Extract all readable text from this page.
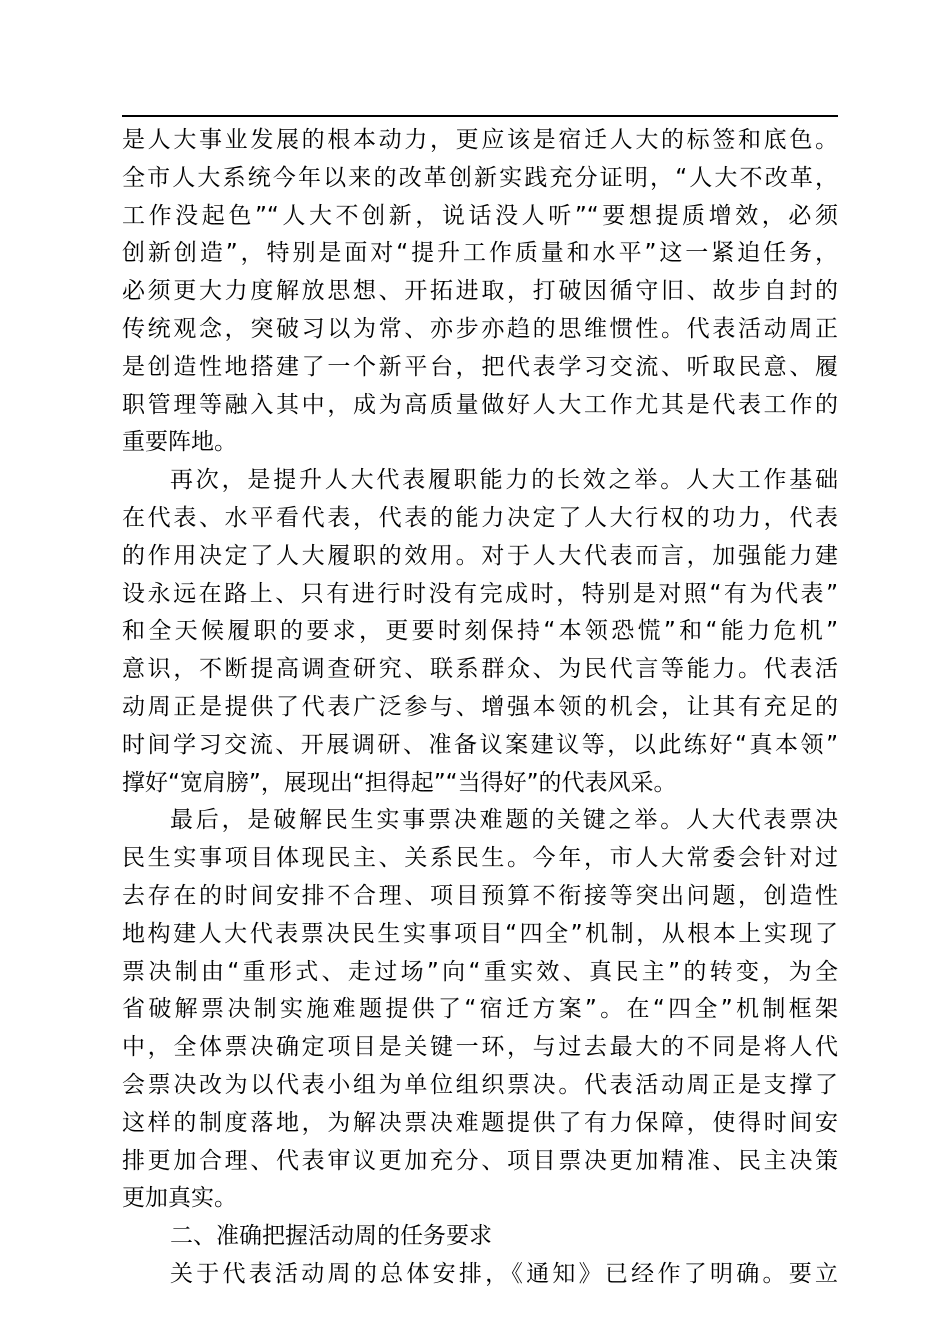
是人大事业发展的根本动力，更应该是宿迁人大的标签和底色。
全市人大系统今年以来的改革创新实践充分证明，“人大不改革，
工作没起色”“人大不创新，说话没人听”“要想提质增效，必须
创新创造”，特别是面对“提升工作质量和水平”这一紧迫任务，
必须更大力度解放思想、开拓进取，打破因循守旧、故步自封的
传统观念，突破习以为常、亦步亦趋的思维惯性。代表活动周正
是创造性地搭建了一个新平台，把代表学习交流、听取民意、履
职管理等融入其中，成为高质量做好人大工作尤其是代表工作的
重要阵地。
再次，是提升人大代表履职能力的长效之举。人大工作基础
在代表、水平看代表，代表的能力决定了人大行权的功力，代表
的作用决定了人大履职的效用。对于人大代表而言，加强能力建
设永远在路上、只有进行时没有完成时，特别是对照“有为代表”
和全天候履职的要求，更要时刻保持“本领恐慌”和“能力危机”
意识，不断提高调查研究、联系群众、为民代言等能力。代表活
动周正是提供了代表广泛参与、增强本领的机会，让其有充足的
时间学习交流、开展调研、准备议案建议等，以此练好“真本领”
撑好“宽肩膀”，展现出“担得起”“当得好”的代表风采。
最后，是破解民生实事票决难题的关键之举。人大代表票决
民生实事项目体现民主、关系民生。今年，市人大常委会针对过
去存在的时间安排不合理、项目预算不衔接等突出问题，创造性
地构建人大代表票决民生实事项目“四全”机制，从根本上实现了
票决制由“重形式、走过场”向“重实效、真民主”的转变，为全
省破解票决制实施难题提供了“宿迁方案”。在“四全”机制框架
中，全体票决确定项目是关键一环，与过去最大的不同是将人代
会票决改为以代表小组为单位组织票决。代表活动周正是支撑了
这样的制度落地，为解决票决难题提供了有力保障，使得时间安
排更加合理、代表审议更加充分、项目票决更加精准、民主决策
更加真实。
二、准确把握活动周的任务要求
关于代表活动周的总体安排，《通知》已经作了明确。要立
